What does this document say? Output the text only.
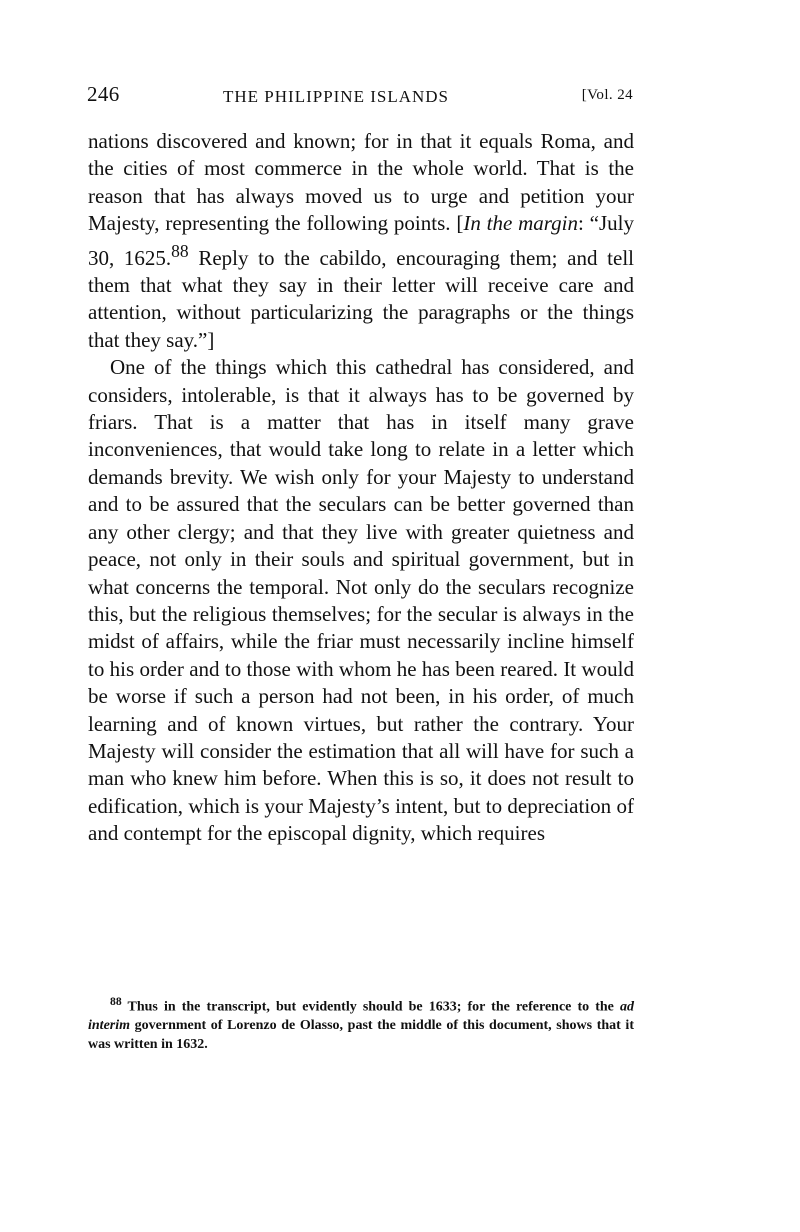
246	THE PHILIPPINE ISLANDS	[Vol. 24

nations discovered and known; for in that it equals Roma, and the cities of most commerce in the whole world. That is the reason that has always moved us to urge and petition your Majesty, representing the following points. [In the margin: “July 30, 1625.88 Reply to the cabildo, encouraging them; and tell them that what they say in their letter will receive care and attention, without particularizing the paragraphs or the things that they say.”]

One of the things which this cathedral has considered, and considers, intolerable, is that it always has to be governed by friars. That is a matter that has in itself many grave inconveniences, that would take long to relate in a letter which demands brevity. We wish only for your Majesty to understand and to be assured that the seculars can be better governed than any other clergy; and that they live with greater quietness and peace, not only in their souls and spiritual government, but in what concerns the temporal. Not only do the seculars recognize this, but the religious themselves; for the secular is always in the midst of affairs, while the friar must necessarily incline himself to his order and to those with whom he has been reared. It would be worse if such a person had not been, in his order, of much learning and of known virtues, but rather the contrary. Your Majesty will consider the estimation that all will have for such a man who knew him before. When this is so, it does not result to edification, which is your Majesty’s intent, but to depreciation of and contempt for the episcopal dignity, which requires

$^{88}$ Thus in the transcript, but evidently should be 1633; for the reference to the ad interim government of Lorenzo de Olasso, past the middle of this document, shows that it was written in 1632.
